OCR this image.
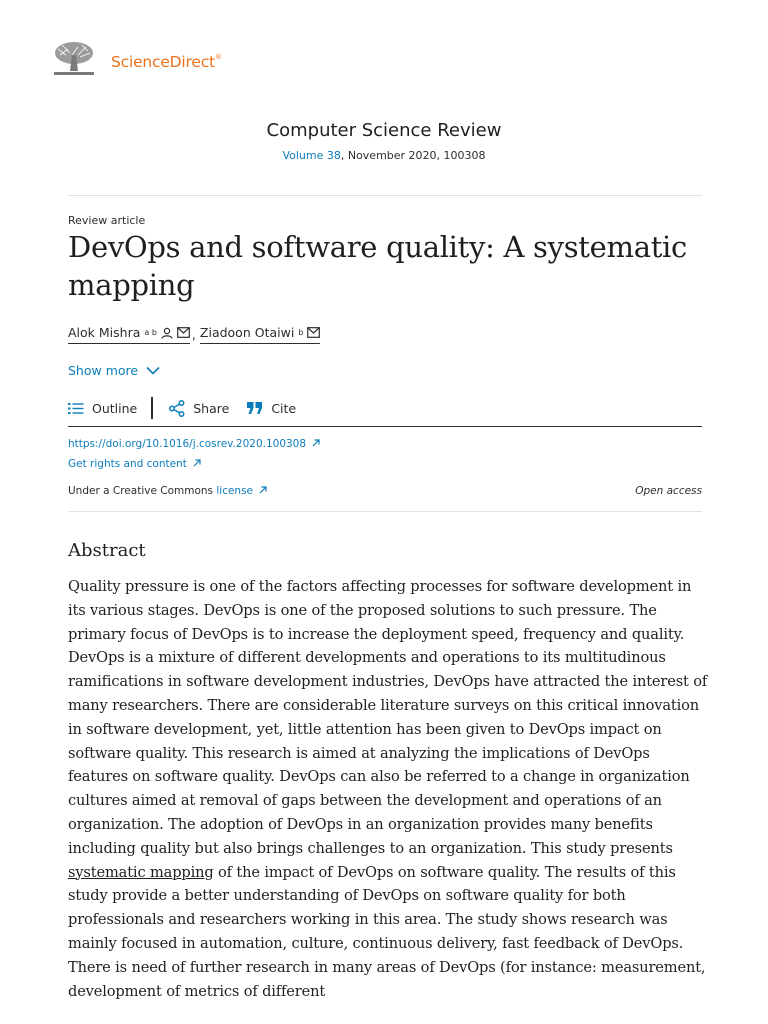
ScienceDirect®
Computer Science Review
Volume 38, November 2020, 100308
Review article
DevOps and software quality: A systematic mapping
Alok Mishra a b	, Ziadoon Otaiwi b
Show more
Outline	Share	Cite
https://doi.org/10.1016/j.cosrev.2020.100308
Get rights and content
Under a Creative Commons license	Open access
Abstract

Quality pressure is one of the factors affecting processes for software development in its various stages. DevOps is one of the proposed solutions to such pressure. The primary focus of DevOps is to increase the deployment speed, frequency and quality. DevOps is a mixture of different developments and operations to its multitudinous ramifications in software development industries, DevOps have attracted the interest of many researchers. There are considerable literature surveys on this critical innovation in software development, yet, little attention has been given to DevOps impact on software quality. This research is aimed at analyzing the implications of DevOps features on software quality. DevOps can also be referred to a change in organization cultures aimed at removal of gaps between the development and operations of an organization. The adoption of DevOps in an organization provides many benefits including quality but also brings challenges to an organization. This study presents systematic mapping of the impact of DevOps on software quality. The results of this study provide a better understanding of DevOps on software quality for both professionals and researchers working in this area. The study shows research was mainly focused in automation, culture, continuous delivery, fast feedback of DevOps. There is need of further research in many areas of DevOps (for instance: measurement, development of metrics of different
